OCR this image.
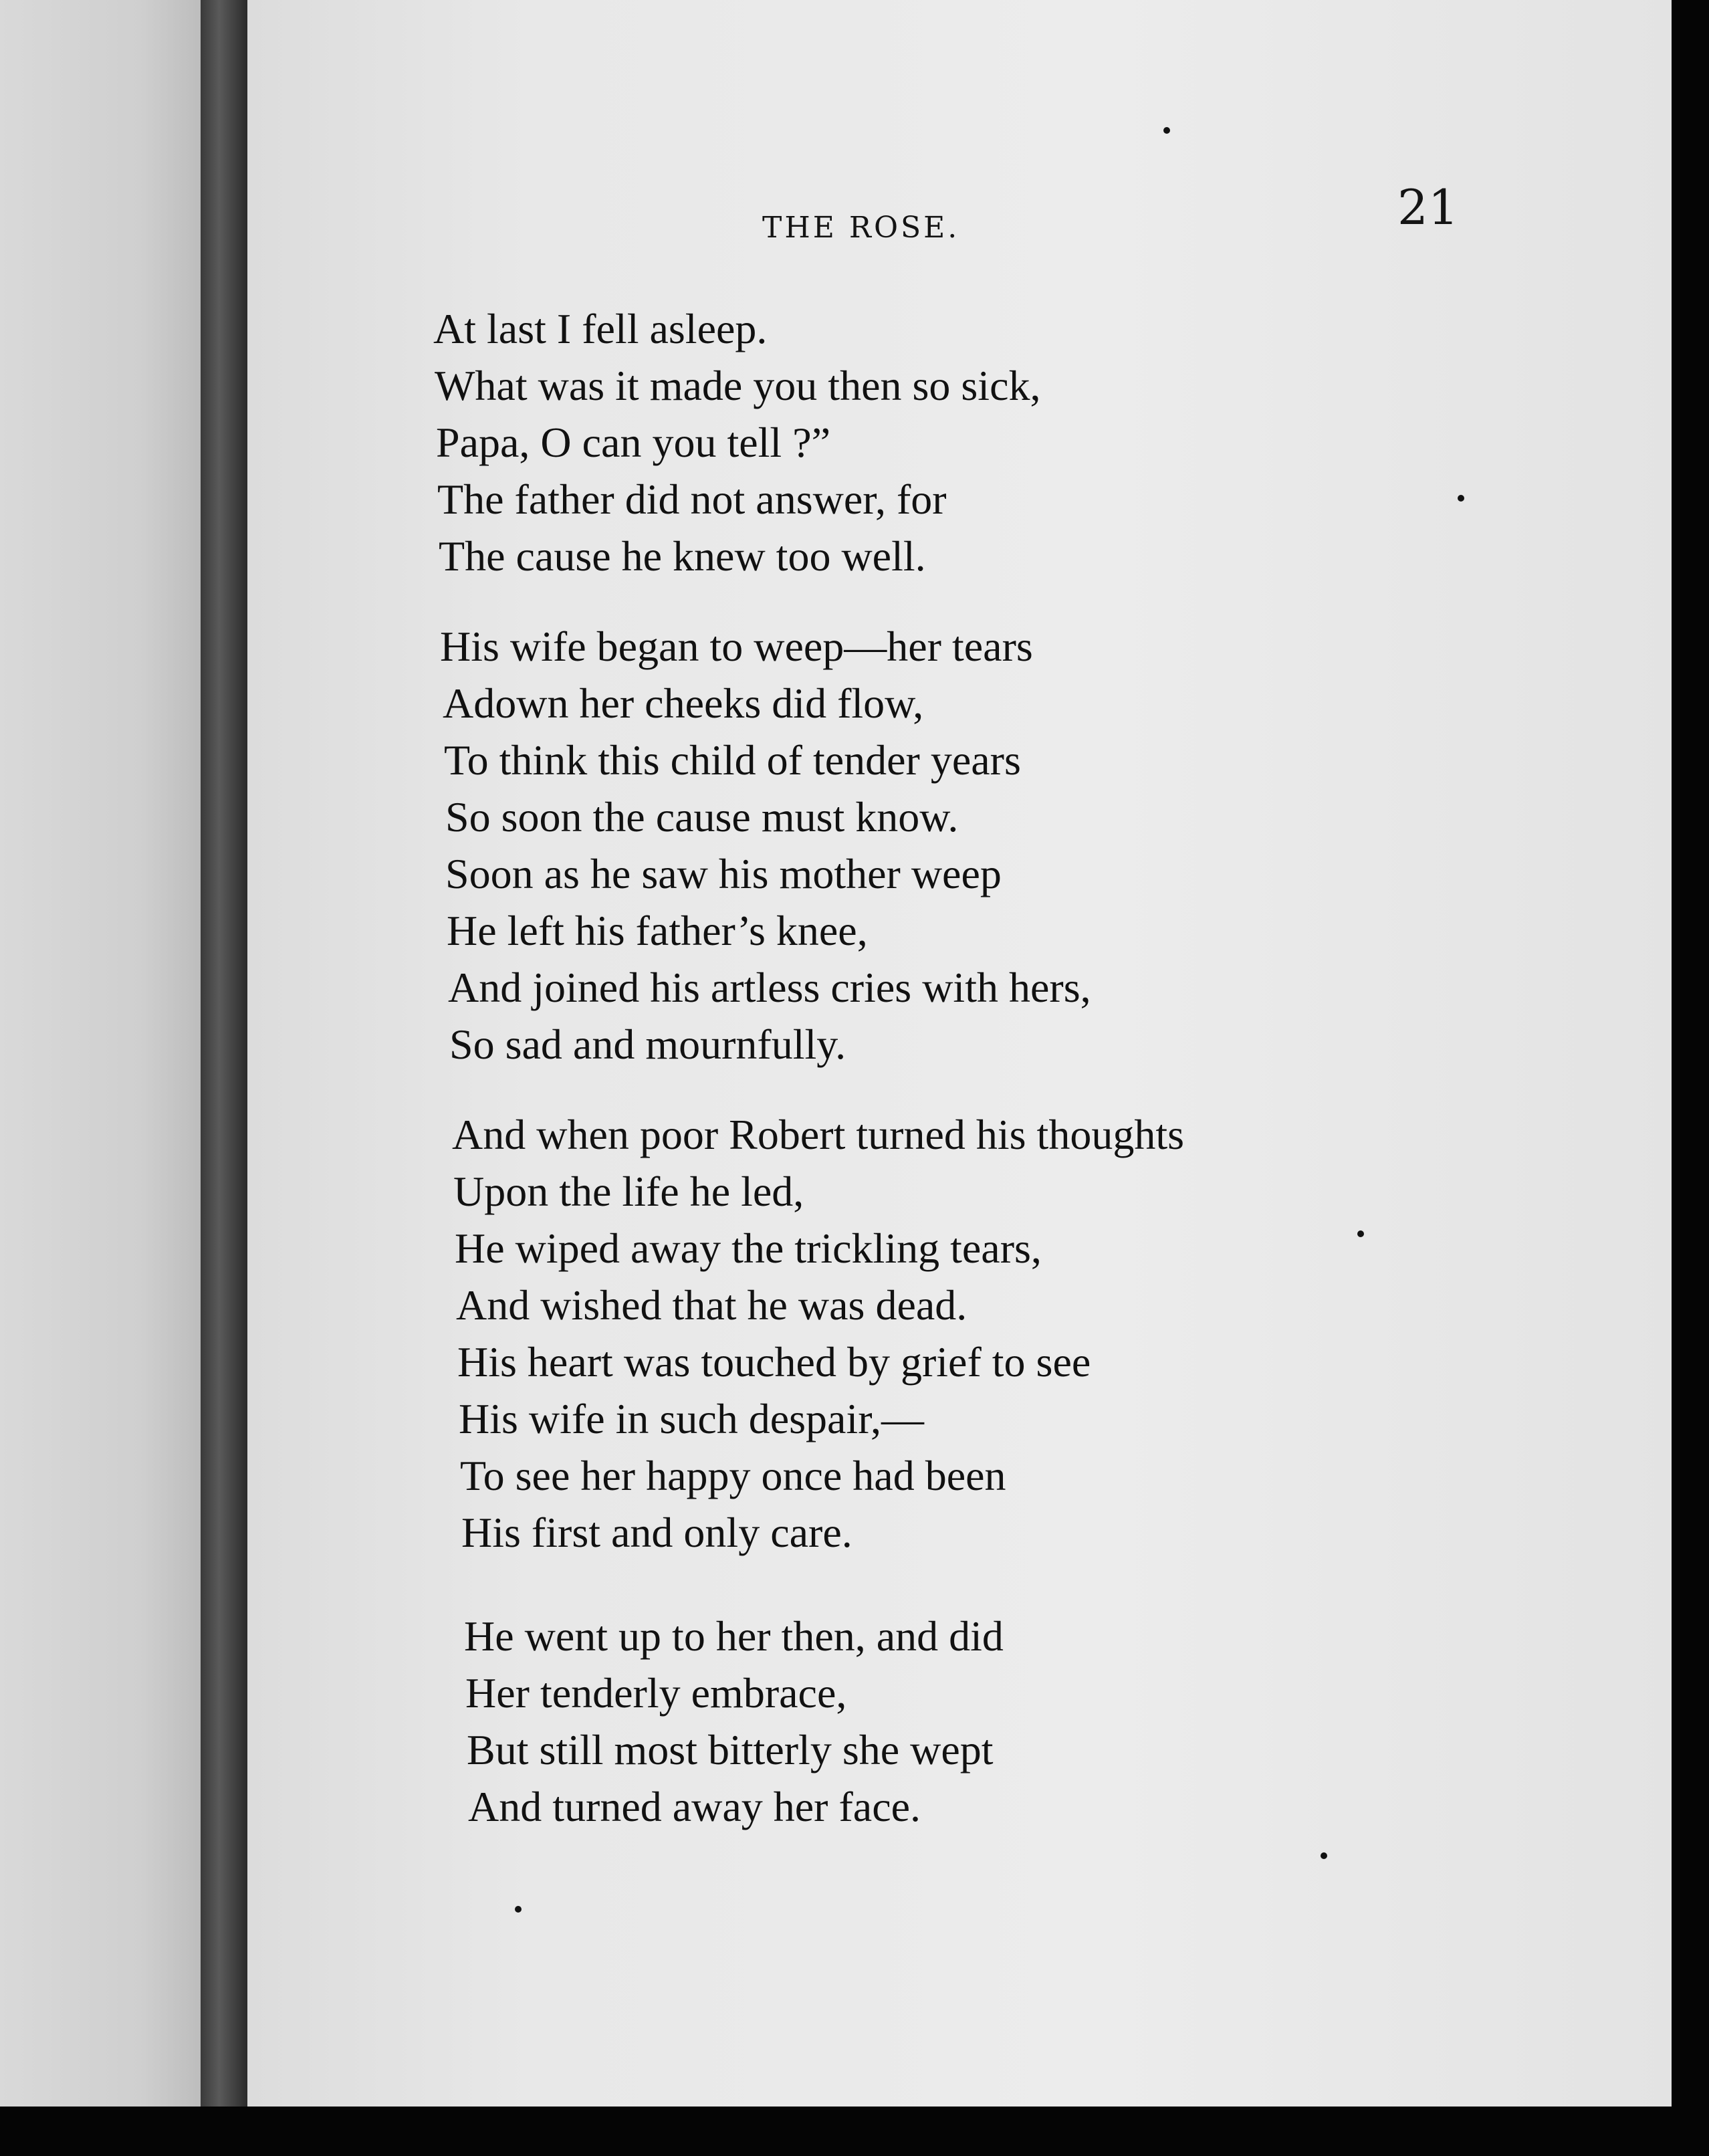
THE ROSE.	21
At last I fell asleep.
What was it made you then so sick,
Papa, O can you tell ?”
The father did not answer, for
The cause he knew too well.
His wife began to weep—her tears
Adown her cheeks did flow,
To think this child of tender years
So soon the cause must know.
Soon as he saw his mother weep
He left his father’s knee,
And joined his artless cries with hers,
So sad and mournfully.
And when poor Robert turned his thoughts
Upon the life he led,
He wiped away the trickling tears,
And wished that he was dead.
His heart was touched by grief to see
His wife in such despair,—
To see her happy once had been
His first and only care.
He went up to her then, and did
Her tenderly embrace,
But still most bitterly she wept
And turned away her face.
